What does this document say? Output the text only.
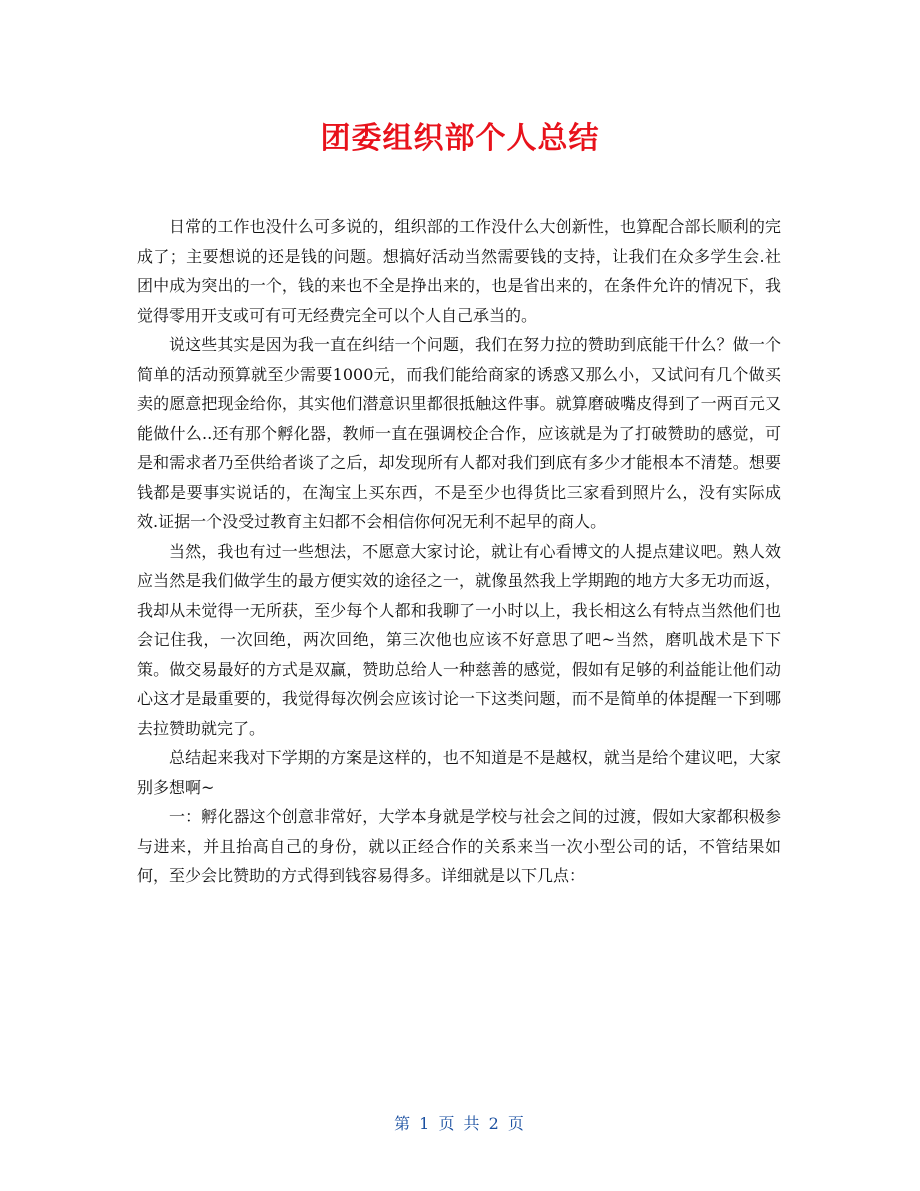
团委组织部个人总结

日常的工作也没什么可多说的，组织部的工作没什么大创新性，也算配合部长顺利的完成了；主要想说的还是钱的问题。想搞好活动当然需要钱的支持，让我们在众多学生会.社团中成为突出的一个，钱的来也不全是挣出来的，也是省出来的，在条件允许的情况下，我觉得零用开支或可有可无经费完全可以个人自己承当的。

说这些其实是因为我一直在纠结一个问题，我们在努力拉的赞助到底能干什么？做一个简单的活动预算就至少需要1000元，而我们能给商家的诱惑又那么小，又试问有几个做买卖的愿意把现金给你，其实他们潜意识里都很抵触这件事。就算磨破嘴皮得到了一两百元又能做什么..还有那个孵化器，教师一直在强调校企合作，应该就是为了打破赞助的感觉，可是和需求者乃至供给者谈了之后，却发现所有人都对我们到底有多少才能根本不清楚。想要钱都是要事实说话的，在淘宝上买东西，不是至少也得货比三家看到照片么，没有实际成效.证据一个没受过教育主妇都不会相信你何况无利不起早的商人。

当然，我也有过一些想法，不愿意大家讨论，就让有心看博文的人提点建议吧。熟人效应当然是我们做学生的最方便实效的途径之一，就像虽然我上学期跑的地方大多无功而返，我却从未觉得一无所获，至少每个人都和我聊了一小时以上，我长相这么有特点当然他们也会记住我，一次回绝，两次回绝，第三次他也应该不好意思了吧~当然，磨叽战术是下下策。做交易最好的方式是双赢，赞助总给人一种慈善的感觉，假如有足够的利益能让他们动心这才是最重要的，我觉得每次例会应该讨论一下这类问题，而不是简单的体提醒一下到哪去拉赞助就完了。

总结起来我对下学期的方案是这样的，也不知道是不是越权，就当是给个建议吧，大家别多想啊~

一：孵化器这个创意非常好，大学本身就是学校与社会之间的过渡，假如大家都积极参与进来，并且抬高自己的身份，就以正经合作的关系来当一次小型公司的话，不管结果如何，至少会比赞助的方式得到钱容易得多。详细就是以下几点：

第 1 页 共 2 页
